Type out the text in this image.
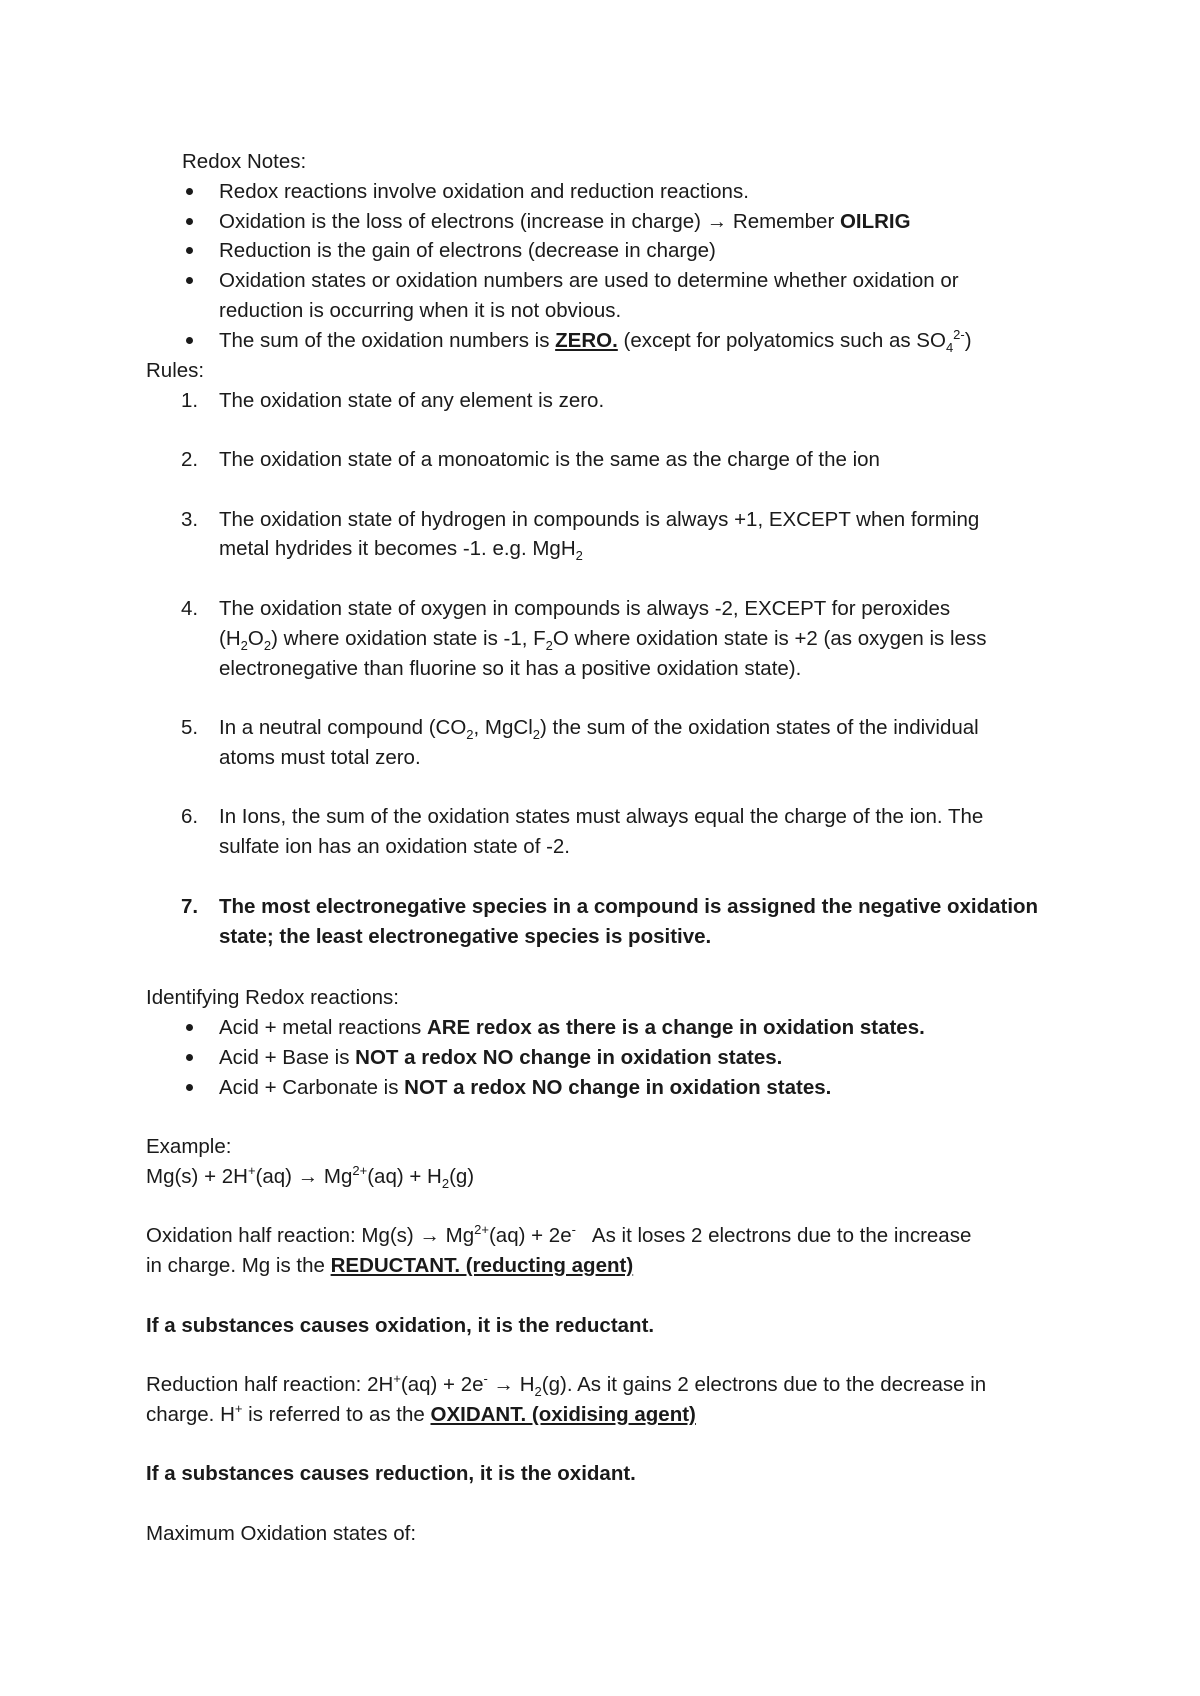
Redox Notes:
Redox reactions involve oxidation and reduction reactions.
Oxidation is the loss of electrons (increase in charge) → Remember OILRIG
Reduction is the gain of electrons (decrease in charge)
Oxidation states or oxidation numbers are used to determine whether oxidation or
reduction is occurring when it is not obvious.
The sum of the oxidation numbers is ZERO. (except for polyatomics such as $SO_4^{2-}$)
Rules:
1. The oxidation state of any element is zero.
2. The oxidation state of a monoatomic is the same as the charge of the ion
3. The oxidation state of hydrogen in compounds is always +1, EXCEPT when forming
metal hydrides it becomes -1. e.g. MgH$_2$
4. The oxidation state of oxygen in compounds is always -2, EXCEPT for peroxides
$(H_2O_2)$ where oxidation state is -1, $F_2O$ where oxidation state is +2 (as oxygen is less
electronegative than fluorine so it has a positive oxidation state).
5. In a neutral compound ($CO_2$, MgCl$_2$) the sum of the oxidation states of the individual
atoms must total zero.
6. In Ions, the sum of the oxidation states must always equal the charge of the ion. The
sulfate ion has an oxidation state of -2.
7. The most electronegative species in a compound is assigned the negative oxidation
state; the least electronegative species is positive.
Identifying Redox reactions:
Acid + metal reactions ARE redox as there is a change in oxidation states.
Acid + Base is NOT a redox NO change in oxidation states.
Acid + Carbonate is NOT a redox NO change in oxidation states.
Example:
$Mg(s) + 2H^+(aq) \to Mg^{2+}(aq) + H_2(g)$
Oxidation half reaction: $Mg(s) \to Mg^{2+}(aq) + 2e^-$   As it loses 2 electrons due to the increase
in charge. Mg is the REDUCTANT. (reducting agent)
If a substances causes oxidation, it is the reductant.
Reduction half reaction: $2H^+(aq) + 2e^- \to H_2(g)$. As it gains 2 electrons due to the decrease in
charge. H+ is referred to as the OXIDANT. (oxidising agent)
If a substances causes reduction, it is the oxidant.
Maximum Oxidation states of:
